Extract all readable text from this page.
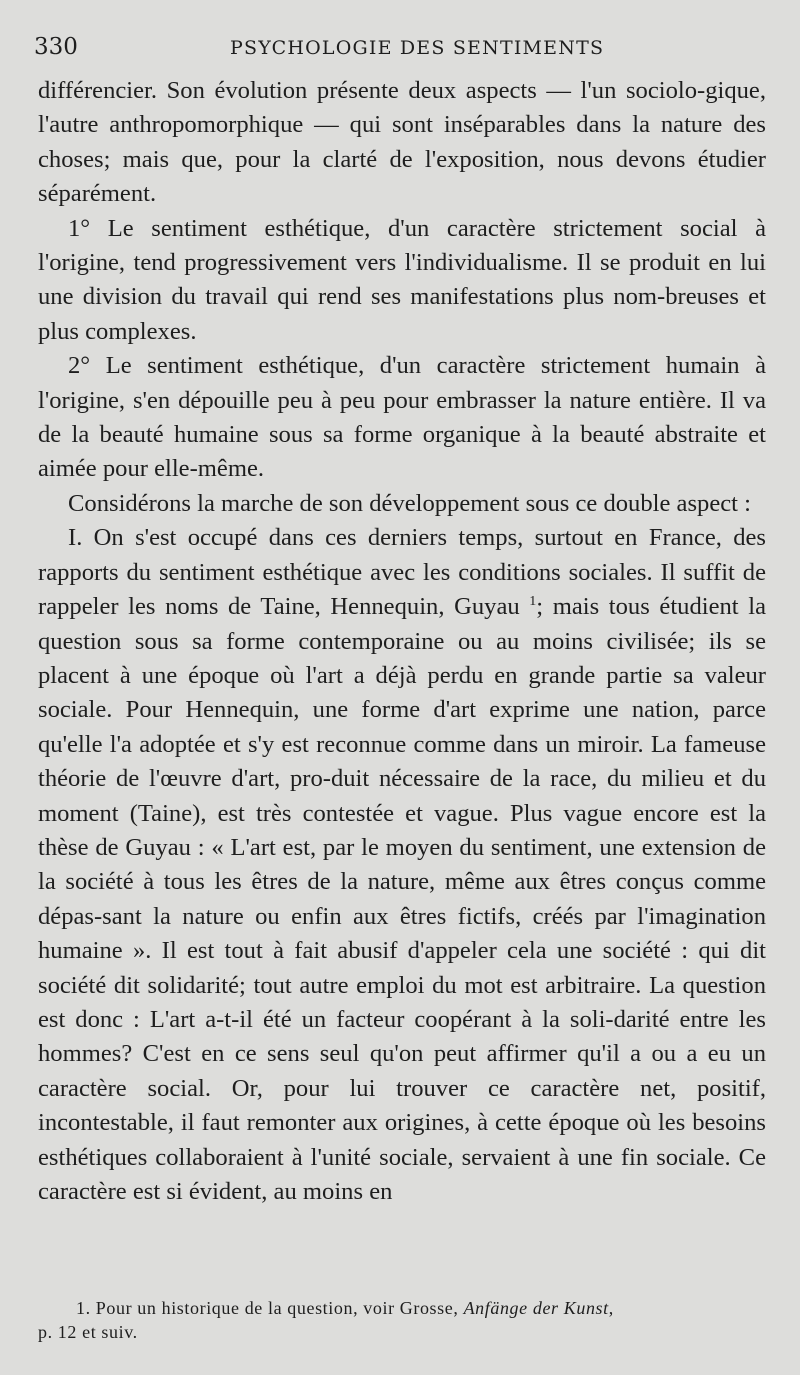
330	PSYCHOLOGIE DES SENTIMENTS

différencier. Son évolution présente deux aspects — l'un sociolo-gique, l'autre anthropomorphique — qui sont inséparables dans la nature des choses; mais que, pour la clarté de l'exposition, nous devons étudier séparément.

1° Le sentiment esthétique, d'un caractère strictement social à l'origine, tend progressivement vers l'individualisme. Il se produit en lui une division du travail qui rend ses manifestations plus nom-breuses et plus complexes.

2° Le sentiment esthétique, d'un caractère strictement humain à l'origine, s'en dépouille peu à peu pour embrasser la nature entière. Il va de la beauté humaine sous sa forme organique à la beauté abstraite et aimée pour elle-même.

Considérons la marche de son développement sous ce double aspect :

I. On s'est occupé dans ces derniers temps, surtout en France, des rapports du sentiment esthétique avec les conditions sociales. Il suffit de rappeler les noms de Taine, Hennequin, Guyau $^1$; mais tous étudient la question sous sa forme contemporaine ou au moins civilisée; ils se placent à une époque où l'art a déjà perdu en grande partie sa valeur sociale. Pour Hennequin, une forme d'art exprime une nation, parce qu'elle l'a adoptée et s'y est reconnue comme dans un miroir. La fameuse théorie de l'œuvre d'art, pro-duit nécessaire de la race, du milieu et du moment (Taine), est très contestée et vague. Plus vague encore est la thèse de Guyau : « L'art est, par le moyen du sentiment, une extension de la société à tous les êtres de la nature, même aux êtres conçus comme dépas-sant la nature ou enfin aux êtres fictifs, créés par l'imagination humaine ». Il est tout à fait abusif d'appeler cela une société : qui dit société dit solidarité; tout autre emploi du mot est arbitraire. La question est donc : L'art a-t-il été un facteur coopérant à la soli-darité entre les hommes? C'est en ce sens seul qu'on peut affirmer qu'il a ou a eu un caractère social. Or, pour lui trouver ce caractère net, positif, incontestable, il faut remonter aux origines, à cette époque où les besoins esthétiques collaboraient à l'unité sociale, servaient à une fin sociale. Ce caractère est si évident, au moins en

1. Pour un historique de la question, voir Grosse, Anfänge der Kunst,

p. 12 et suiv.
